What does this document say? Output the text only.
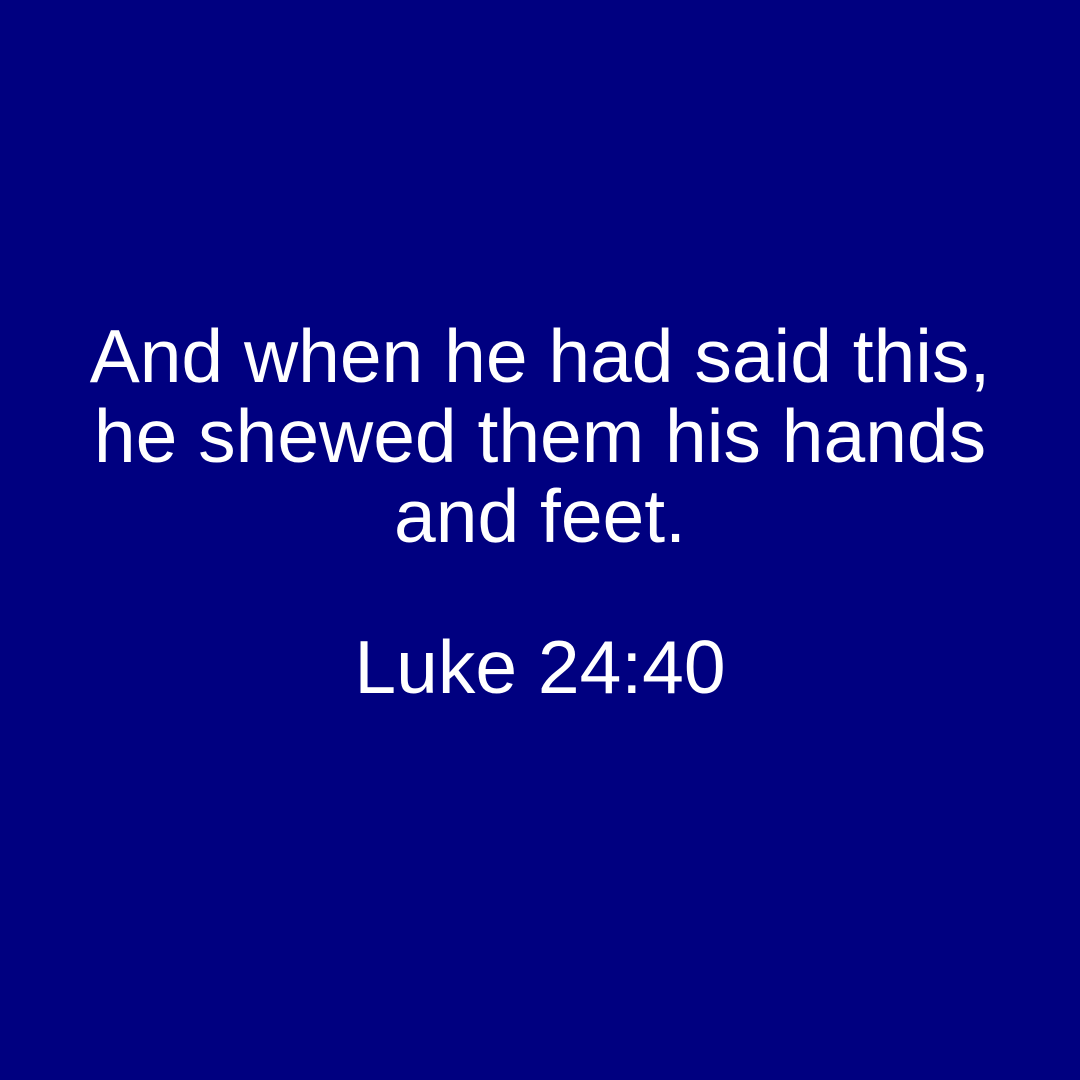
And when he had said this,
he shewed them his hands
and feet.

Luke 24:40
